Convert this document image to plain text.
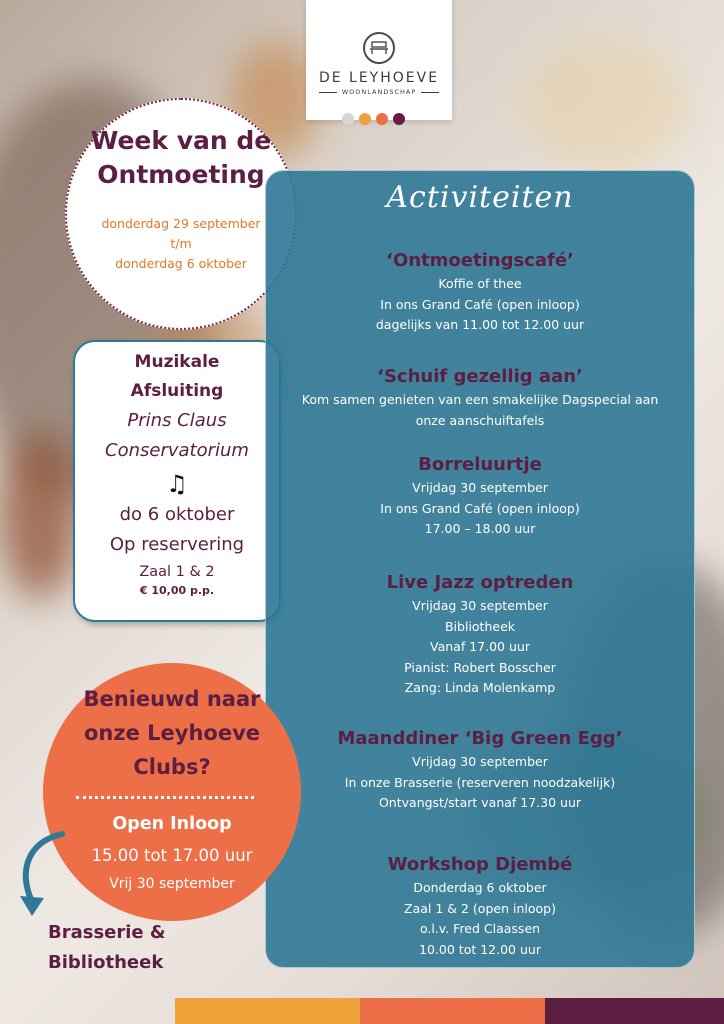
DE LEYHOEVE
WOONLANDSCHAP
Week van de
Ontmoeting
donderdag 29 september
t/m
donderdag 6 oktober
Muzikale
Afsluiting
Prins Claus
Conservatorium
♫
do 6 oktober
Op reservering
Zaal 1 & 2
€ 10,00 p.p.
Activiteiten
‘Ontmoetingscafé’
Koffie of thee
In ons Grand Café (open inloop)
dagelijks van 11.00 tot 12.00 uur
‘Schuif gezellig aan’
Kom samen genieten van een smakelijke Dagspecial aan
onze aanschuiftafels
Borreluurtje
Vrijdag 30 september
In ons Grand Café (open inloop)
17.00 – 18.00 uur
Live Jazz optreden
Vrijdag 30 september
Bibliotheek
Vanaf 17.00 uur
Pianist: Robert Bosscher
Zang: Linda Molenkamp
Maanddiner ‘Big Green Egg’
Vrijdag 30 september
In onze Brasserie (reserveren noodzakelijk)
Ontvangst/start vanaf 17.30 uur
Workshop Djembé
Donderdag 6 oktober
Zaal 1 & 2 (open inloop)
o.l.v. Fred Claassen
10.00 tot 12.00 uur
Benieuwd naar
onze Leyhoeve
Clubs?
Open Inloop
15.00 tot 17.00 uur
Vrij 30 september
Brasserie &
Bibliotheek
